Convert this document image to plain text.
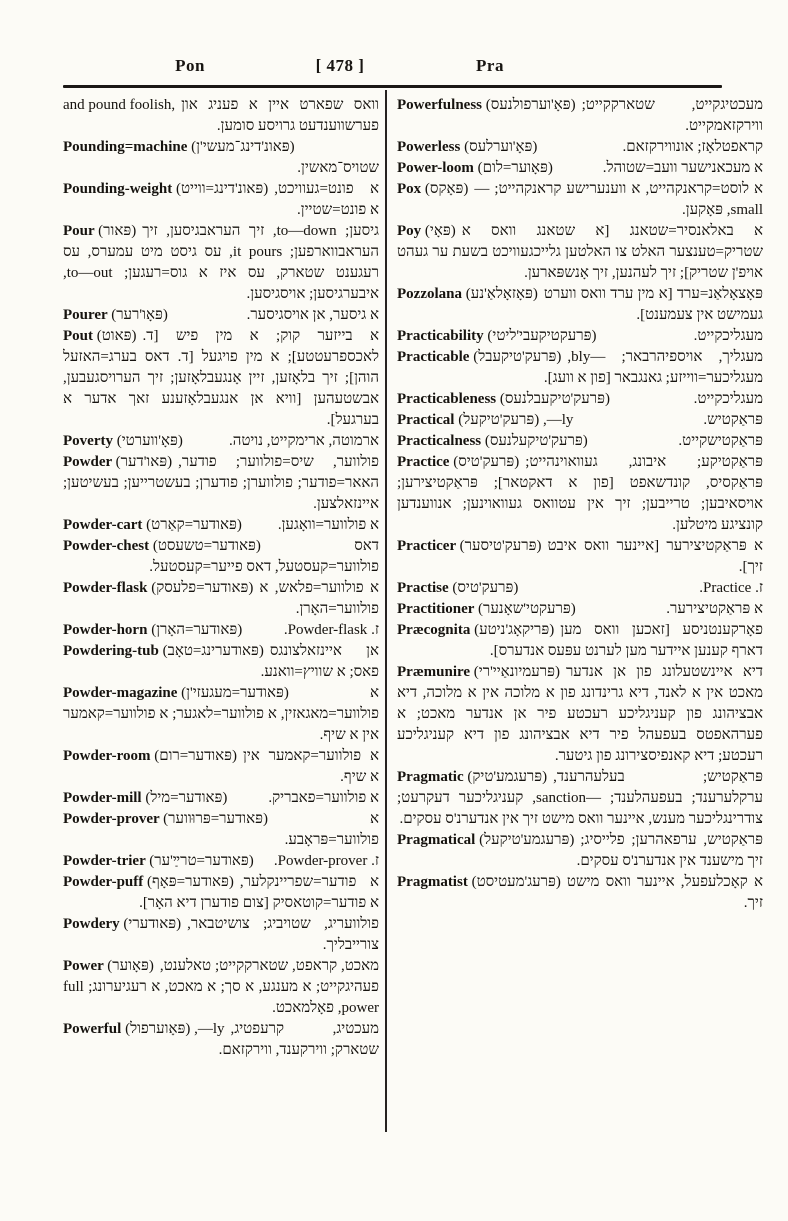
Pon	[ 478 ]	Pra

and pound foolish, וואס שפארט איין א פעניג און פערשווענדעט גרויסע סומען.

Pounding=machine (פּאונ'דינג־מעשי'ן)
שטויס־מאשין.

Pounding-weight (פּאונ'דינג=ווייט) א פונט=געוויכט, א פונט=שטיין.

Pour (פּאור) גיסען; to—down, זיך העראבגיסען, זיך העראבווארפען; it pours, עס גיסט מיט עמערס, עס רעגענט שטארק, עס איז א גוס=רעגען; to—out, איבערגיסען; אויסגיסען.

Pourer (פּאָו'רער)	א גיסער, אן אויסגיסער.

Pout (פּאוט) א בייזער קוק; א מין פיש [ד. לאכספרעטטע]; א מין פויגעל [ד. דאס בערג=האזעל הוהן]; זיך בלאָזען, זיין אָנגעבלאָזען; זיך הערויסגעבען, אבשטעהען [וויא אן אנגעבלאָזענע זאך אדער א בערגעל].

Poverty (פּאָ'ווערטי)	ארמוטה, ארימקייט, נויטה.

Powder (פּאו'דער) פולווער, שיס=פולווער; פודער, האאר=פודער; פולווערן; פודערן; בעשטרייען; בעשיטען; איינזאלצען.

Powder-cart (פּאודער=קאַרט) א פולווער=וואָגען.

Powder-chest (פּאודער=טשעסט)	דאס פולווער=קעסטעל, דאס פייער=קעסטעל.

Powder-flask (פּאודער=פלעסק) א פולווער=פלאש, א פולווער=האָרן.

Powder-horn (פּאודער=האָרן)	ז. Powder-flask.

Powdering-tub (פּאודערינג=טאָב) אן איינזאלצונגס פאס; א שוויץ=וואנע.

Powder-magazine (פּאודער=מעגעזי'ן)	א פולווער=מאגאזין, א פולווער=לאגער; א פולווער=קאמער אין א שיף.

Powder-room (פּאודער=רום) א פולווער=קאמער אין א שיף.

Powder-mill (פּאודער=מיל)	א פולווער=פאבריק.

Powder-prover (פּאודער=פּרוּווער)	א פולווער=פּראָבע.

Powder-trier (פּאודער=טרײַ'ער) ז. Powder-prover.

Powder-puff (פּאודער=פּאָף) א פודער=שפריינקלער, א פודער=קוטאסיק [צום פודערן דיא האָר].

Powdery (פּאודערי) פולוועריג, שטויביג; צושיטבאר, צורייבליך.

Power (פּאָוער) מאכט, קראפט, שטארקקייט; טאלענט, פעהיגקייט; א מענגע, א סך; א מאכט, א רעגיערונג; full power, פאָלמאכט.

Powerful (פּאָוערפול) ,—ly מעכטיג, קרעפטיג, שטארק; ווירקענד, ווירקזאם.

Powerfulness (פּאָ'וערפולנעס) מעכטיגקייט, שטארקקייט; ווירקזאמקייט.

Powerless (פּאָ'וערלעס)	קראפטלאָז; אונווירקזאם.

Power-loom (פּאָוער=לום)	א מעכאנישער וועב=שטוהל.

Pox (פּאָקס) א לוסט=קראנקהייט, א ווענערישע קראנקהייט; —small, פּאָקען.

Poy (פּאָי) א באלאנסיר=שטאנג [א שטאנג וואס א שטריק=טענצער האלט צו האלטען גלייכגעוויכט בשעת ער געהט אויפ'ן שטריק]; זיך לעהנען, זיך אָנשפּארען.

Pozzolana (פּאָזאָלאַ'נע) פּאָצאָלאַנ=ערד [א מין ערד וואס ווערט געמישט אין צעמענט].

Practicability (פּרעקטיקעבי'ליטי)	מעגליכקייט.

Practicable (פּרעק'טיקעבל) מעגליך, אויספיהרבאר; —bly, מעגליכער=ווייזע; גאנגבאר [פון א וועג].

Practicableness (פּרעק'טיקעבלנעס)	מעגליכקייט.

Practical (פּרעק'טיקעל) ,—ly	פּראַקטיש.

Practicalness (פּרעק'טיקעלנעס)	פּראַקטישקייט.

Practice (פּרעק'טיס) פּראַקטיקע; איבונג, געוואוינהייט; פּראַקסיס, קונדשאפט [פון א דאקטאר]; פּראַקטיצירען; אויסאיבען; טרייבען; זיך אין עטוואס געוואוינען; אנווענדען קונציגע מיטלען.

Practicer (פּרעק'טיסער) א פּראַקטיצירער [איינער וואס איבט זיך].

Practise (פּרעק'טיס)	ז. Practice.

Practitioner (פּרעקטי'שאָנער)	א פּראַקטיצירער.

Præcognita (פּריקאָג'ניטע) פאָרקענטניסע [זאכען וואס מען דארף קענען איידער מען לערנט עפּעס אנדערס].

Præmunire (פּרעמיונאַיי'רי) דיא איינשטעלונג פון אן אנדער מאכט אין א לאנד, דיא גרינדונג פון א מלוכה אין א מלוכה, דיא אבציהונג פון קעניגליכע רעכטע פיר אן אנדער מאכט; א פערהאפטס בעפעהל פיר דיא אבציהונג פון דיא קעניגליכע רעכטע; דיא קאנפיסצירונג פון גיטער.

Pragmatic (פּרעגמע'טיק) פּראַקטיש; בעלעהרענד, ערקלערענד; בעפעהלענד; —sanction, קעניגליכער דעקרעט; צודרינגליכער מענש, איינער וואס מישט זיך אין אנדערנ'ס עסקים.

Pragmatical (פּרעגמע'טיקעל) פּראַקטיש, ערפאהרען; פלייסיג; זיך מישענד אין אנדערנ'ס עסקים.

Pragmatist (פּרעג'מעטיסט) א קאָכלעפעל, איינער וואס מישט זיך.
